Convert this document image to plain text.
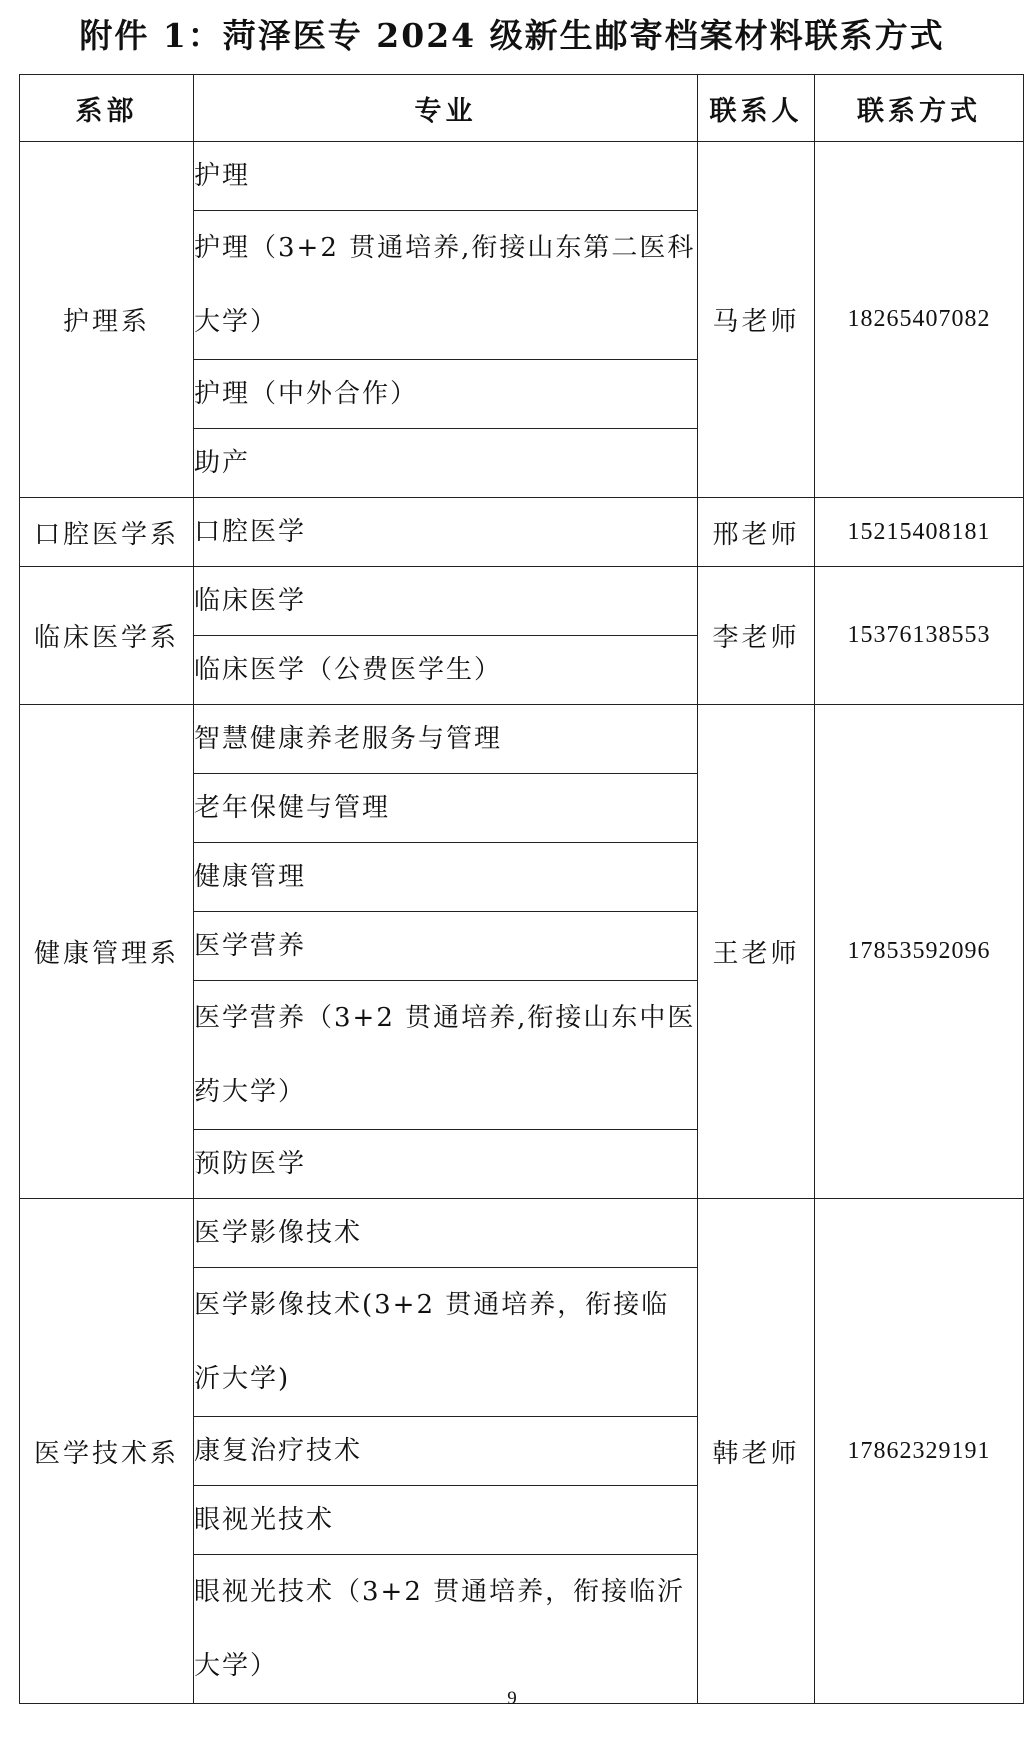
附件 1：菏泽医专 2024 级新生邮寄档案材料联系方式
系部	专业	联系人	联系方式
护理系	护理	马老师	18265407082
	护理（3+2 贯通培养,衔接山东第二医科大学）		
	护理（中外合作）		
	助产		
口腔医学系	口腔医学	邢老师	15215408181
临床医学系	临床医学	李老师	15376138553
	临床医学（公费医学生）		
健康管理系	智慧健康养老服务与管理	王老师	17853592096
	老年保健与管理		
	健康管理		
	医学营养		
	医学营养（3+2 贯通培养,衔接山东中医药大学）		
	预防医学		
医学技术系	医学影像技术	韩老师	17862329191
	医学影像技术(3+2 贯通培养，衔接临沂大学)		
	康复治疗技术		
	眼视光技术		
	眼视光技术（3+2 贯通培养，衔接临沂大学）		
9
